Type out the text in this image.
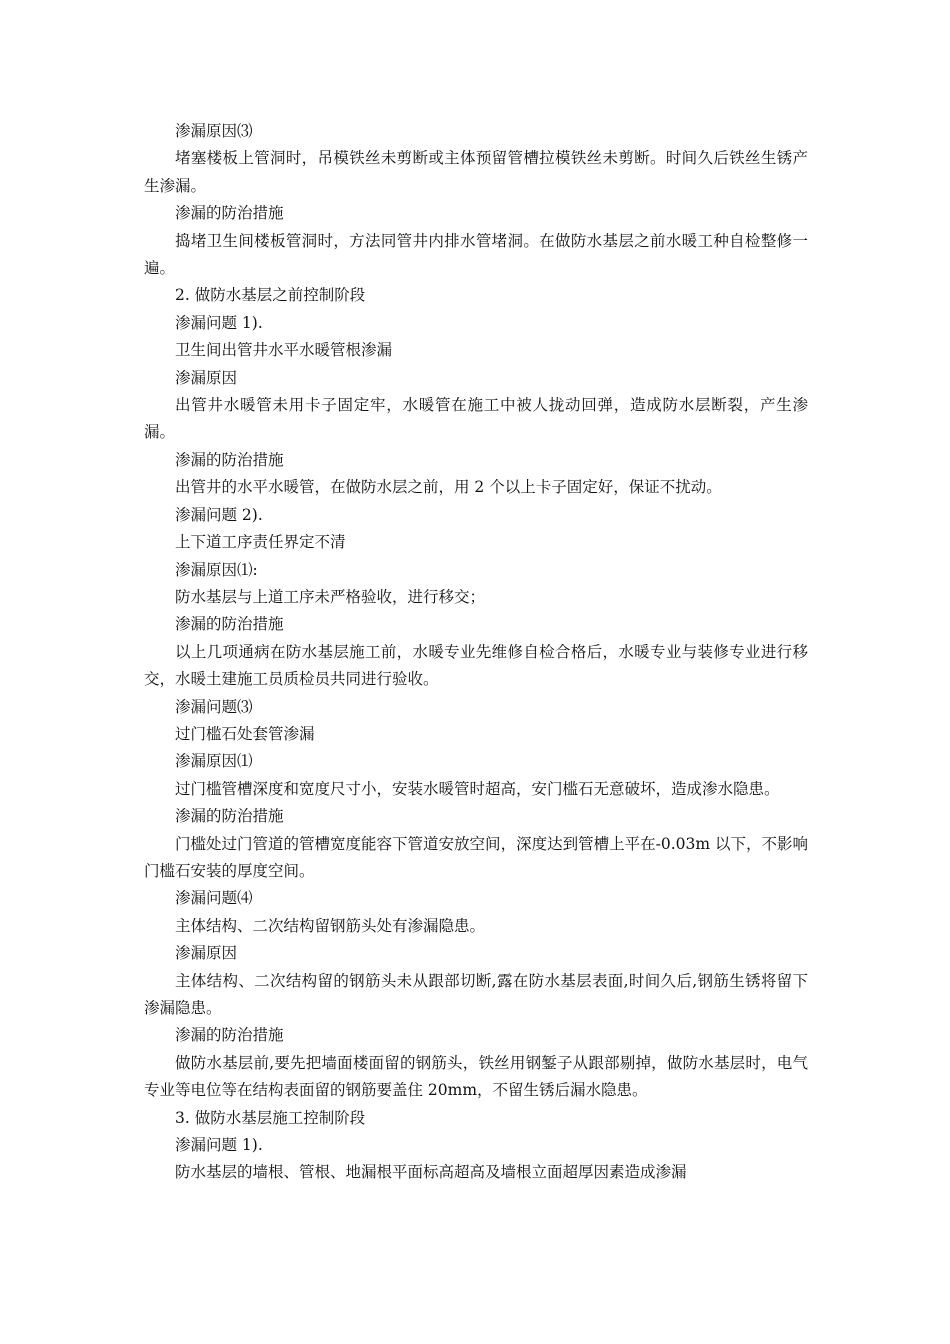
渗漏原因⑶

堵塞楼板上管洞时，吊模铁丝未剪断或主体预留管槽拉模铁丝未剪断。时间久后铁丝生锈产生渗漏。

渗漏的防治措施

捣堵卫生间楼板管洞时，方法同管井内排水管堵洞。在做防水基层之前水暖工种自检整修一遍。

2. 做防水基层之前控制阶段

渗漏问题 1).

卫生间出管井水平水暖管根渗漏

渗漏原因

出管井水暖管未用卡子固定牢，水暖管在施工中被人拢动回弹，造成防水层断裂，产生渗漏。

渗漏的防治措施

出管井的水平水暖管，在做防水层之前，用 2 个以上卡子固定好，保证不扰动。

渗漏问题 2).

上下道工序责任界定不清

渗漏原因⑴:

防水基层与上道工序未严格验收，进行移交；

渗漏的防治措施

以上几项通病在防水基层施工前，水暖专业先维修自检合格后，水暖专业与装修专业进行移交，水暖土建施工员质检员共同进行验收。

渗漏问题⑶

过门槛石处套管渗漏

渗漏原因⑴

过门槛管槽深度和宽度尺寸小，安装水暖管时超高，安门槛石无意破坏，造成渗水隐患。

渗漏的防治措施

门槛处过门管道的管槽宽度能容下管道安放空间，深度达到管槽上平在-0.03m 以下，不影响门槛石安装的厚度空间。

渗漏问题⑷

主体结构、二次结构留钢筋头处有渗漏隐患。

渗漏原因

主体结构、二次结构留的钢筋头未从跟部切断,露在防水基层表面,时间久后,钢筋生锈将留下渗漏隐患。

渗漏的防治措施

做防水基层前,要先把墙面楼面留的钢筋头，铁丝用钢錾子从跟部剔掉，做防水基层时，电气专业等电位等在结构表面留的钢筋要盖住 20mm，不留生锈后漏水隐患。

3. 做防水基层施工控制阶段

渗漏问题 1).

防水基层的墙根、管根、地漏根平面标高超高及墙根立面超厚因素造成渗漏
